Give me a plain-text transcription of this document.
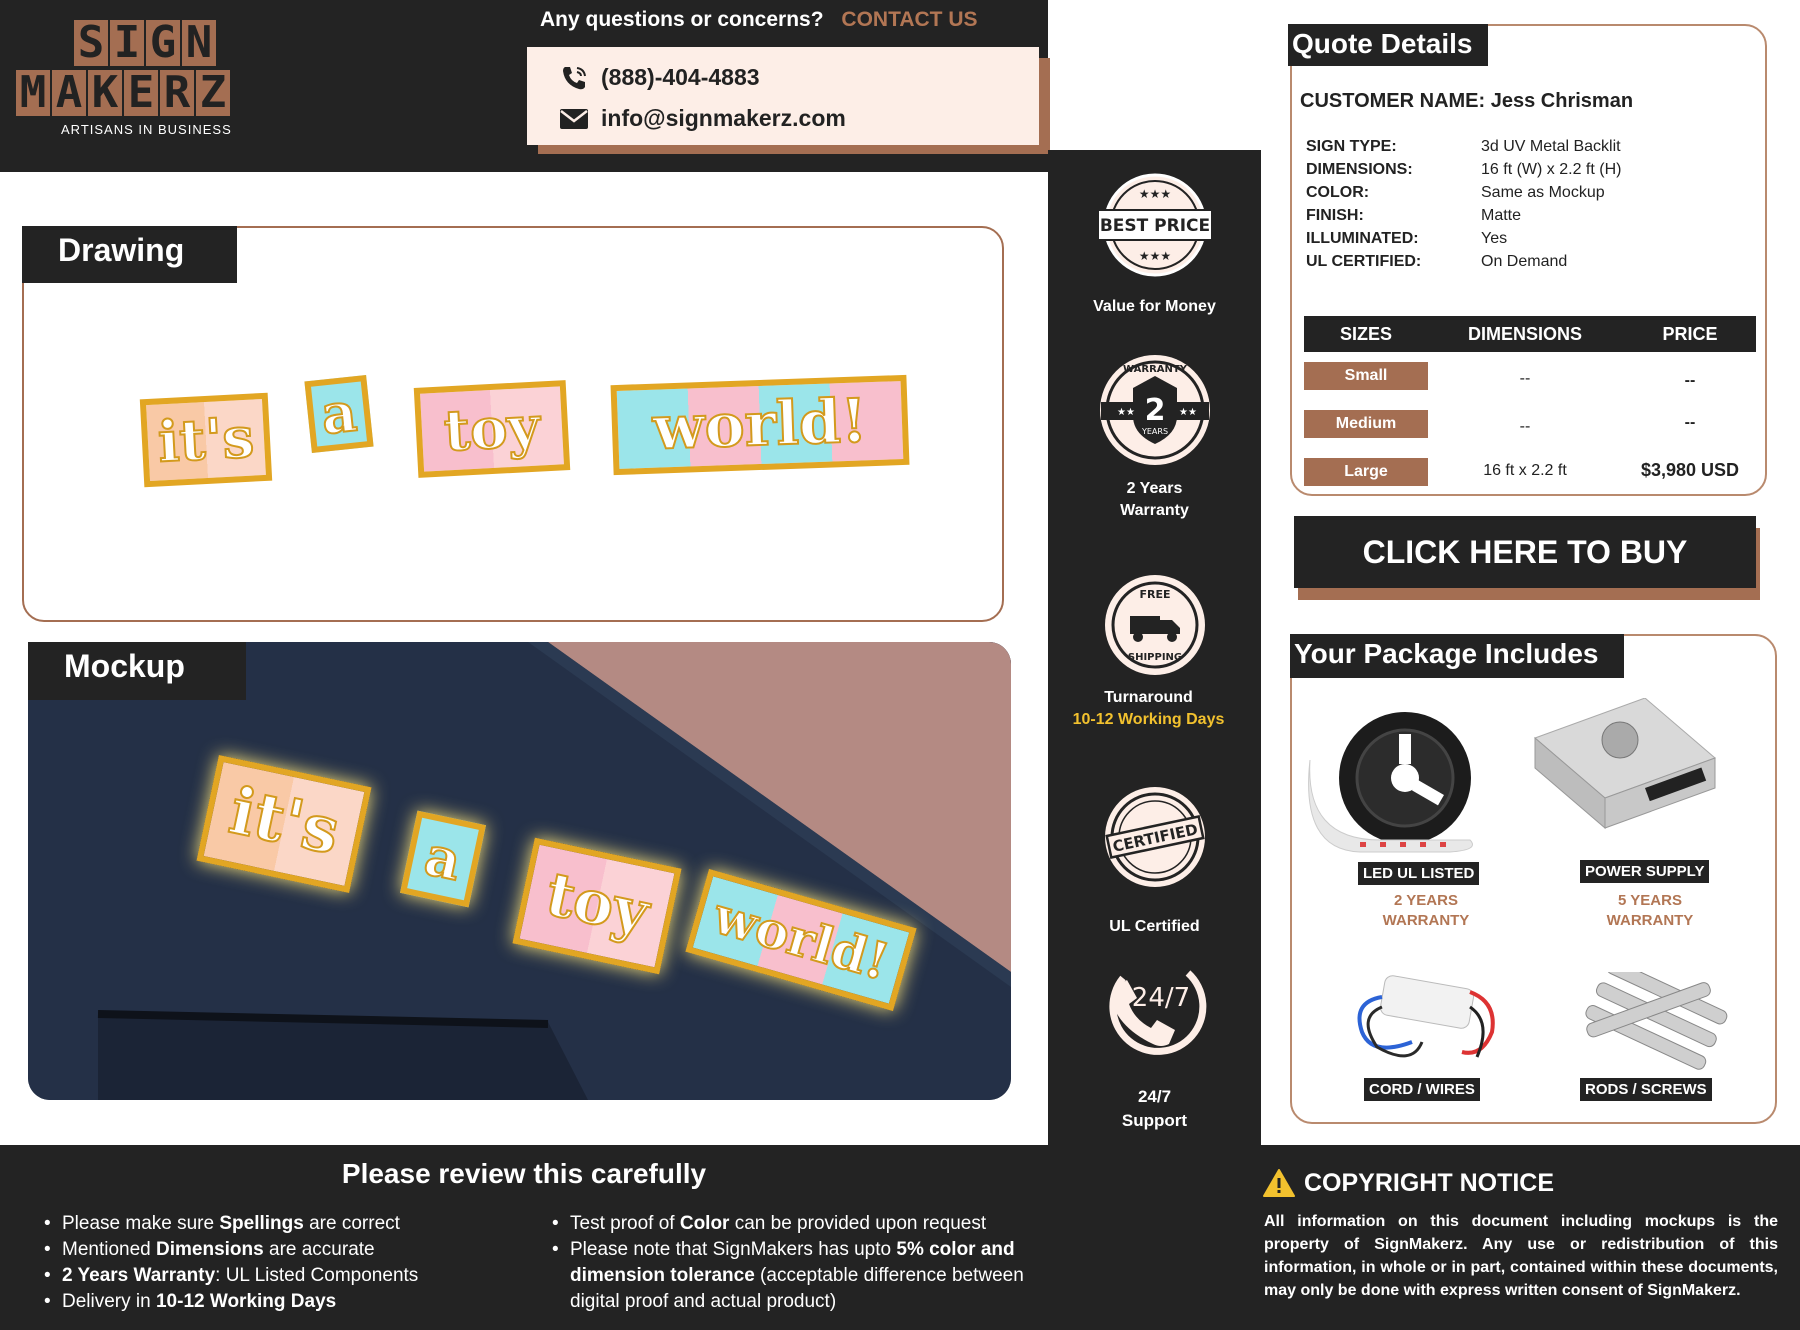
S I G N
M A K E R Z
ARTISANS IN BUSINESS
Any questions or concerns? CONTACT US
(888)-404-4883
info@signmakerz.com
it's	a	toy	world!
Drawing
it's	a
toy	world!
Mockup
BEST PRICE
★★★
★★★
Value for Money
2
YEARS
WARRANTY
★★	★★
2 Years
Warranty
FREE
SHIPPING
Turnaround
10-12 Working Days
CERTIFIED
UL Certified
24/7
24/7
Support
Quote Details
CUSTOMER NAME: Jess Chrisman
SIGN TYPE:	3d UV Metal Backlit
DIMENSIONS:	16 ft (W) x 2.2 ft (H)
COLOR:	Same as Mockup
FINISH:	Matte
ILLUMINATED:	Yes
UL CERTIFIED:	On Demand
SIZES	DIMENSIONS	PRICE
Small	--	--
Medium	--	--
Large	16 ft x 2.2 ft	$3,980 USD
CLICK HERE TO BUY
Your Package Includes
LED UL LISTED
2 YEARS
WARRANTY
POWER SUPPLY
5 YEARS
WARRANTY
CORD / WIRES	RODS / SCREWS
Please review this carefully
• Please make sure Spellings are correct
• Mentioned Dimensions are accurate
• 2 Years Warranty: UL Listed Components
• Delivery in 10-12 Working Days
• Test proof of Color can be provided upon request
• Please note that SignMakers has upto 5% color and dimension tolerance (acceptable difference between digital proof and actual product)
COPYRIGHT NOTICE
All information on this document including mockups is the property of SignMakerz. Any use or redistribution of this information, in whole or in part, contained within these documents, may only be done with express written consent of SignMakerz.
